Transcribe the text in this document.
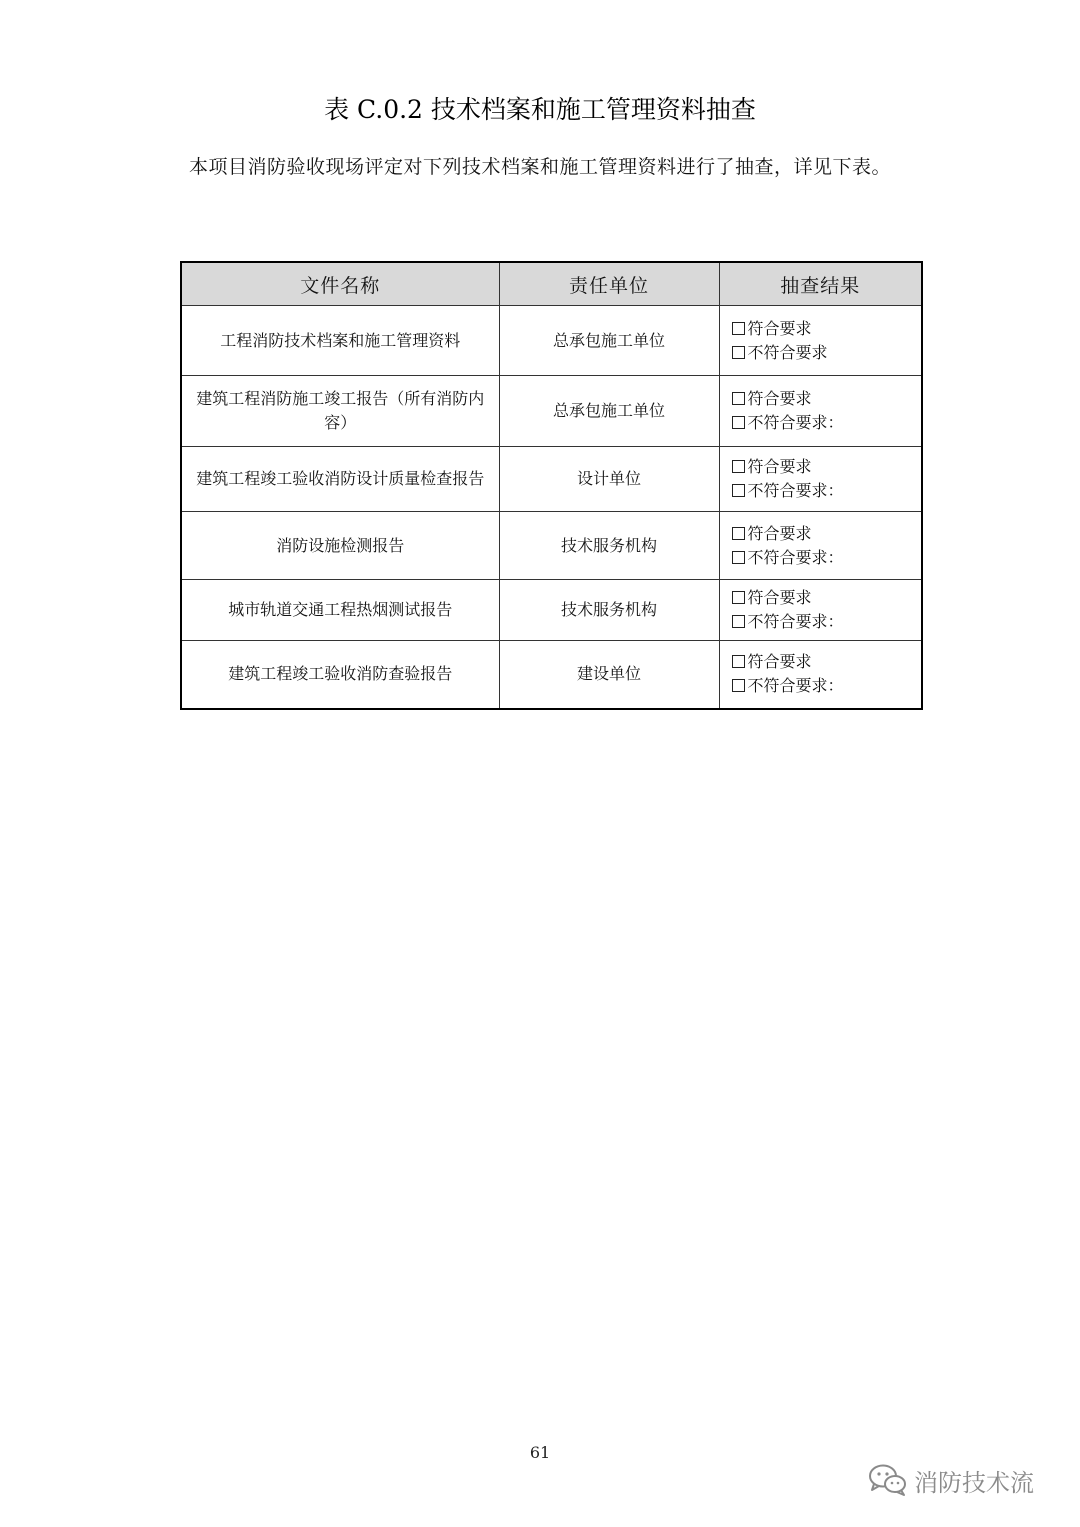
表 C.0.2 技术档案和施工管理资料抽查
本项目消防验收现场评定对下列技术档案和施工管理资料进行了抽查，详见下表。
文件名称	责任单位	抽查结果
工程消防技术档案和施工管理资料	总承包施工单位	符合要求
不符合要求

建筑工程消防施工竣工报告（所有消防内容）	总承包施工单位	符合要求
不符合要求：

建筑工程竣工验收消防设计质量检查报告	设计单位	符合要求
不符合要求：

消防设施检测报告	技术服务机构	符合要求
不符合要求：

城市轨道交通工程热烟测试报告	技术服务机构	符合要求
不符合要求：

建筑工程竣工验收消防查验报告	建设单位	符合要求
不符合要求：
61
消防技术流
